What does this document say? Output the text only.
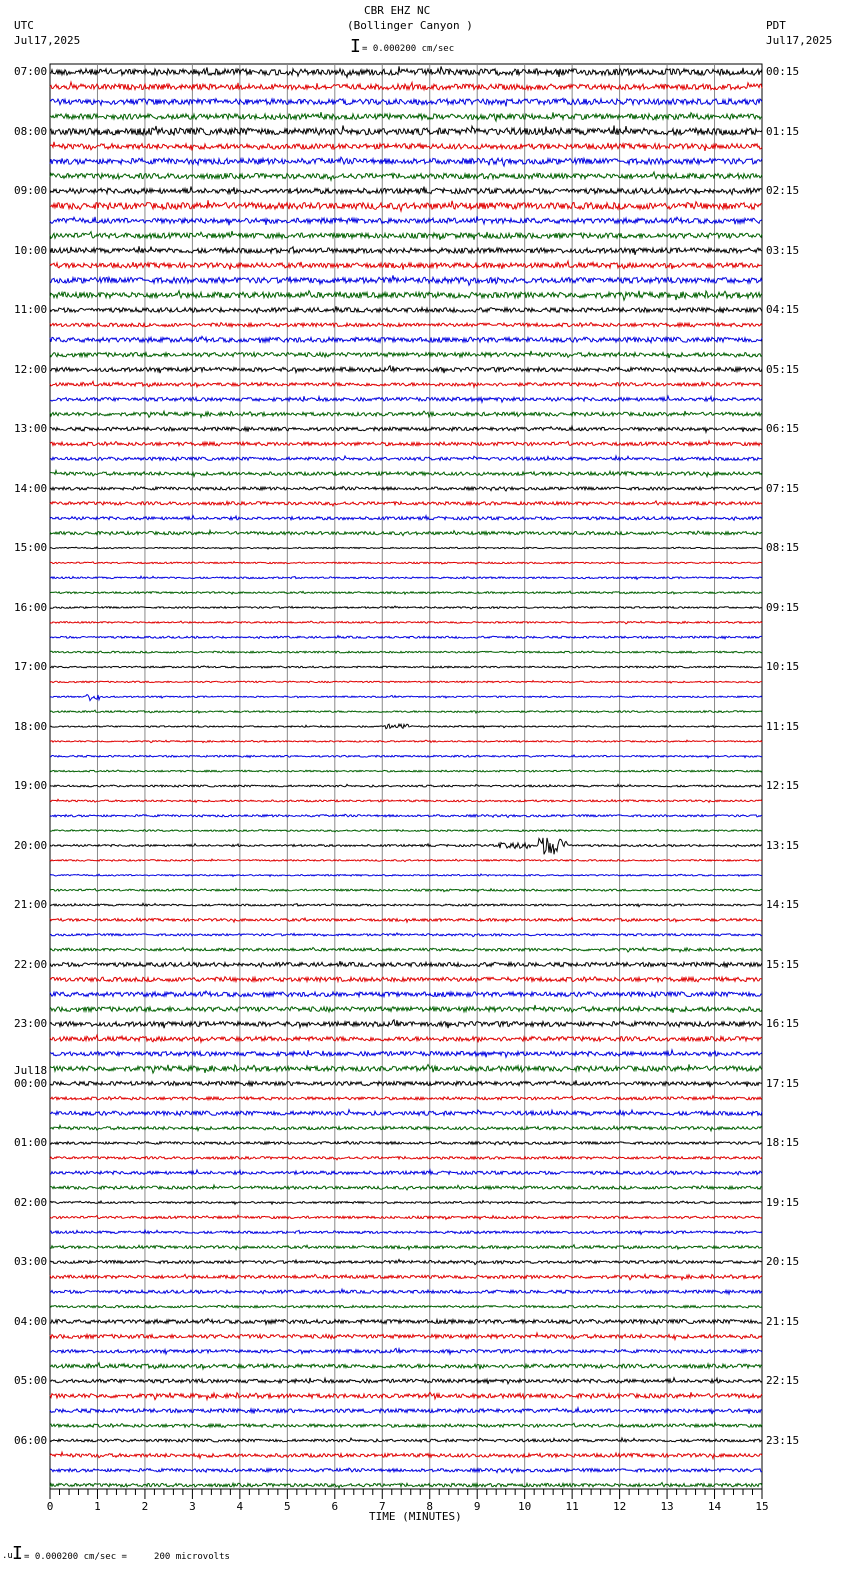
CBR EHZ NC
(Bollinger Canyon )
UTC
Jul17,2025
PDT
Jul17,2025
I = 0.000200 cm/sec
0	1	2	3	4	5	6	7	8	9	10	11	12	13	14	15
07:00
08:00
09:00
10:00
11:00
12:00
13:00
14:00
15:00
16:00
17:00
18:00
19:00
20:00
21:00
22:00
23:00
00:00
Jul18
01:00
02:00
03:00
04:00
05:00
06:00
00:15
01:15
02:15
03:15
04:15
05:15
06:15
07:15
08:15
09:15
10:15
11:15
12:15
13:15
14:15
15:15
16:15
17:15
18:15
19:15
20:15
21:15
22:15
23:15
TIME (MINUTES)
.u I = 0.000200 cm/sec =     200 microvolts
